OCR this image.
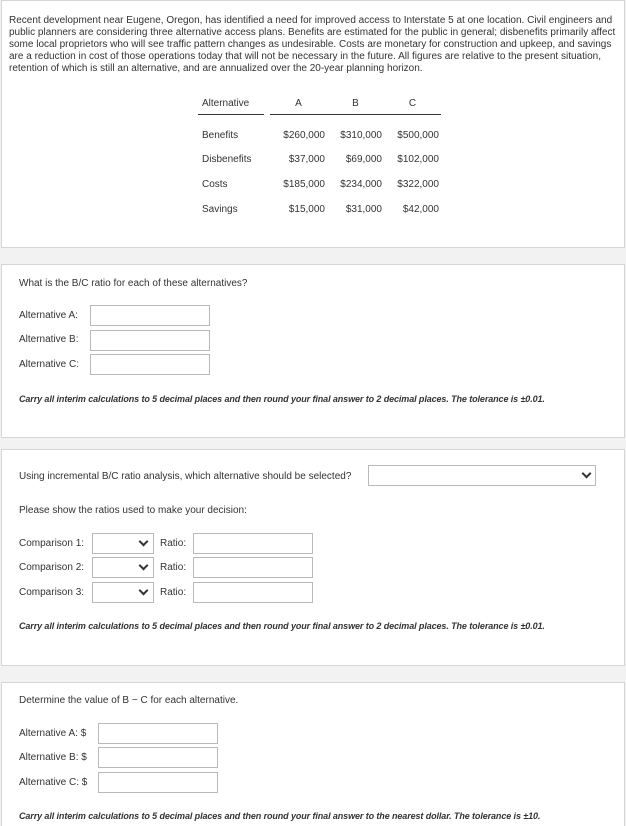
Recent development near Eugene, Oregon, has identified a need for improved access to Interstate 5 at one location. Civil engineers and public planners are considering three alternative access plans. Benefits are estimated for the public in general; disbenefits primarily affect some local proprietors who will see traffic pattern changes as undesirable. Costs are monetary for construction and upkeep, and savings are a reduction in cost of those operations today that will not be necessary in the future. All figures are relative to the present situation, retention of which is still an alternative, and are annualized over the 20-year planning horizon.

Alternative		A	B	C
Benefits		$260,000	$310,000	$500,000
Disbenefits		$37,000	$69,000	$102,000
Costs		$185,000	$234,000	$322,000
Savings		$15,000	$31,000	$42,000
What is the B/C ratio for each of these alternatives?
Alternative A:
Alternative B:
Alternative C:
Carry all interim calculations to 5 decimal places and then round your final answer to 2 decimal places. The tolerance is ±0.01.
Using incremental B/C ratio analysis, which alternative should be selected?
Please show the ratios used to make your decision:
Comparison 1:	Ratio:
Comparison 2:	Ratio:
Comparison 3:	Ratio:
Carry all interim calculations to 5 decimal places and then round your final answer to 2 decimal places. The tolerance is ±0.01.
Determine the value of B − C for each alternative.
Alternative A: $
Alternative B: $
Alternative C: $
Carry all interim calculations to 5 decimal places and then round your final answer to the nearest dollar. The tolerance is ±10.
